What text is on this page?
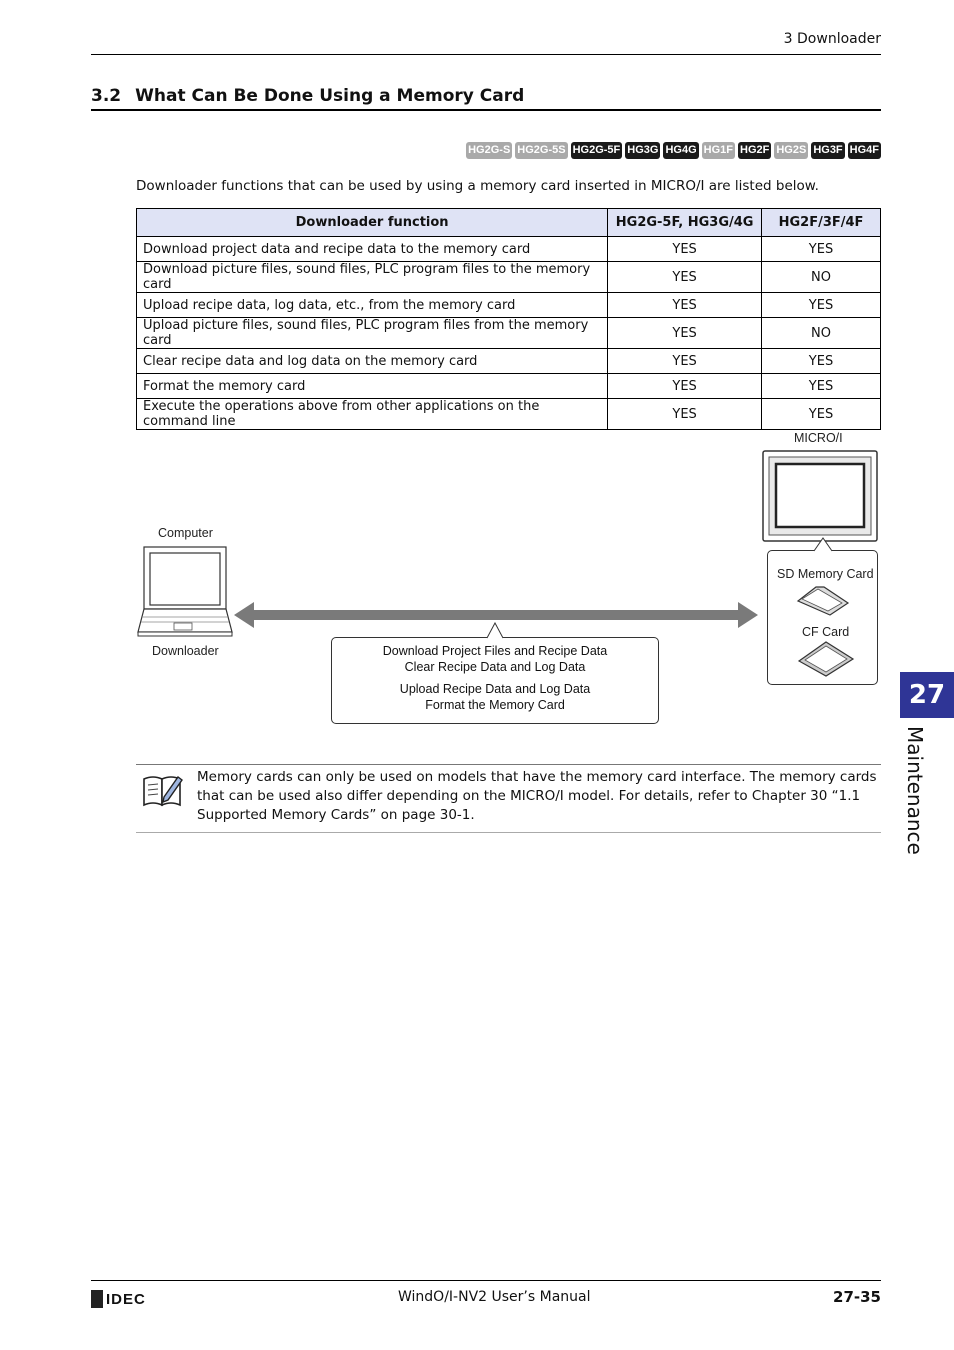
3 Downloader
3.2 What Can Be Done Using a Memory Card
HG2G-S HG2G-5S HG2G-5F HG3G HG4G HG1F HG2F HG2S HG3F HG4F
Downloader functions that can be used by using a memory card inserted in MICRO/I are listed below.
Downloader function	HG2G-5F, HG3G/4G	HG2F/3F/4F
Download project data and recipe data to the memory card	YES	YES
Download picture files, sound files, PLC program files to the memory card	YES	NO
Upload recipe data, log data, etc., from the memory card	YES	YES
Upload picture files, sound files, PLC program files from the memory card	YES	NO
Clear recipe data and log data on the memory card	YES	YES
Format the memory card	YES	YES
Execute the operations above from other applications on the command line	YES	YES
MICRO/I
Computer
Downloader	Download Project Files and Recipe Data
Clear Recipe Data and Log Data
Upload Recipe Data and Log Data
Format the Memory Card
SD Memory Card
CF Card
Memory cards can only be used on models that have the memory card interface. The memory cards that can be used also differ depending on the MICRO/I model. For details, refer to Chapter 30 “1.1 Supported Memory Cards” on page 30-1.
27
Maintenance
IDEC	WindO/I-NV2 User’s Manual	27-35
